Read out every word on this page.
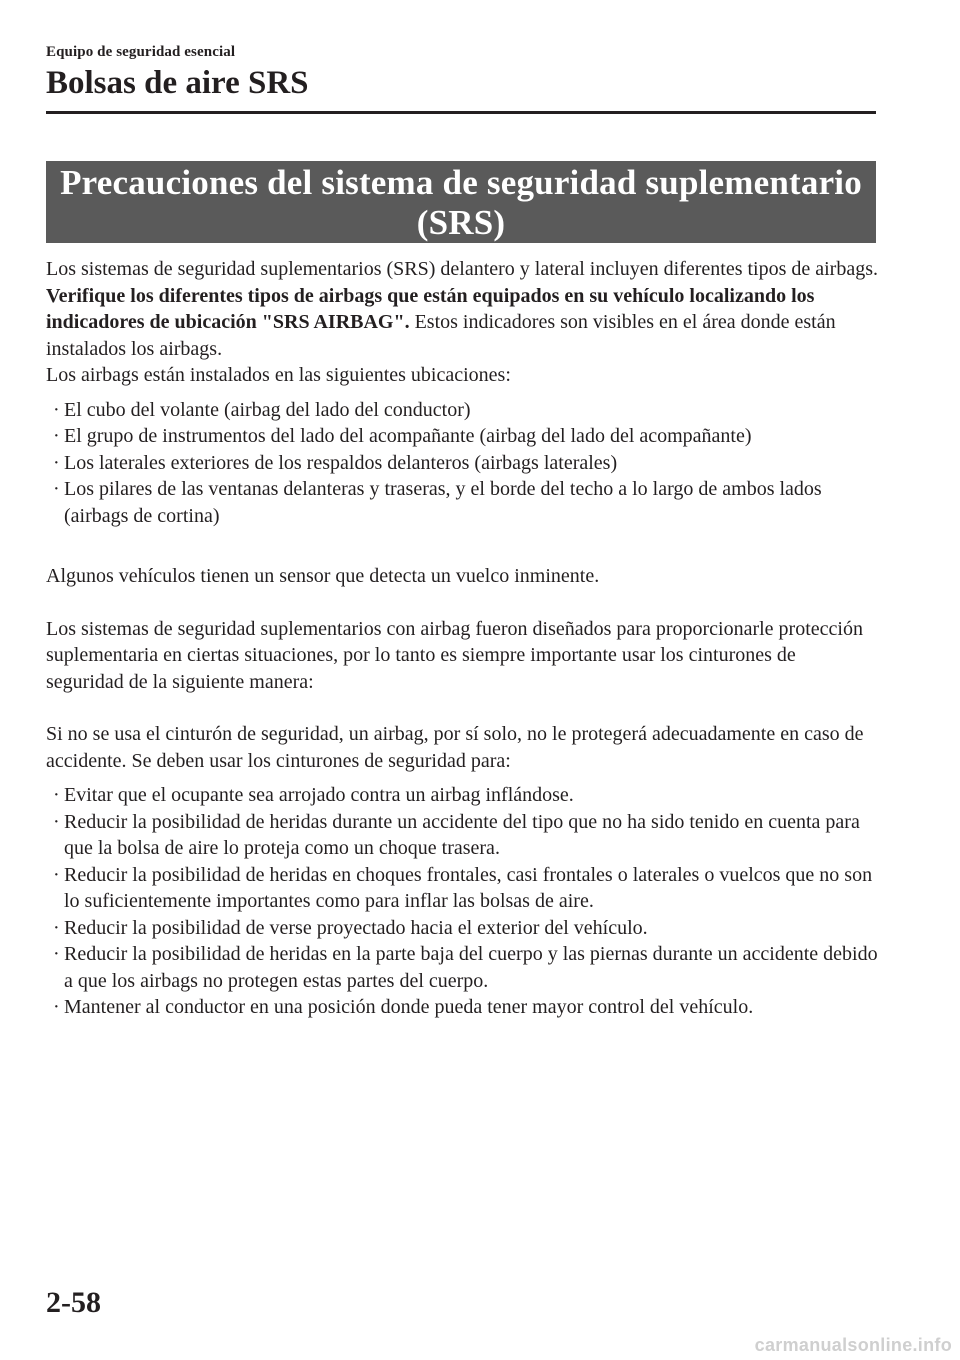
Equipo de seguridad esencial
Bolsas de aire SRS
Precauciones del sistema de seguridad suplementario
(SRS)

Los sistemas de seguridad suplementarios (SRS) delantero y lateral incluyen diferentes tipos de airbags. Verifique los diferentes tipos de airbags que están equipados en su vehículo localizando los indicadores de ubicación "SRS AIRBAG". Estos indicadores son visibles en el área donde están instalados los airbags.

Los airbags están instalados en las siguientes ubicaciones:

· El cubo del volante (airbag del lado del conductor)
· El grupo de instrumentos del lado del acompañante (airbag del lado del acompañante)
· Los laterales exteriores de los respaldos delanteros (airbags laterales)
· Los pilares de las ventanas delanteras y traseras, y el borde del techo a lo largo de ambos lados (airbags de cortina)

Algunos vehículos tienen un sensor que detecta un vuelco inminente.

Los sistemas de seguridad suplementarios con airbag fueron diseñados para proporcionarle protección suplementaria en ciertas situaciones, por lo tanto es siempre importante usar los cinturones de seguridad de la siguiente manera:

Si no se usa el cinturón de seguridad, un airbag, por sí solo, no le protegerá adecuadamente en caso de accidente. Se deben usar los cinturones de seguridad para:

· Evitar que el ocupante sea arrojado contra un airbag inflándose.
· Reducir la posibilidad de heridas durante un accidente del tipo que no ha sido tenido en cuenta para que la bolsa de aire lo proteja como un choque trasera.
· Reducir la posibilidad de heridas en choques frontales, casi frontales o laterales o vuelcos que no son lo suficientemente importantes como para inflar las bolsas de aire.
· Reducir la posibilidad de verse proyectado hacia el exterior del vehículo.
· Reducir la posibilidad de heridas en la parte baja del cuerpo y las piernas durante un accidente debido a que los airbags no protegen estas partes del cuerpo.
· Mantener al conductor en una posición donde pueda tener mayor control del vehículo.
2-58
carmanualsonline.info
